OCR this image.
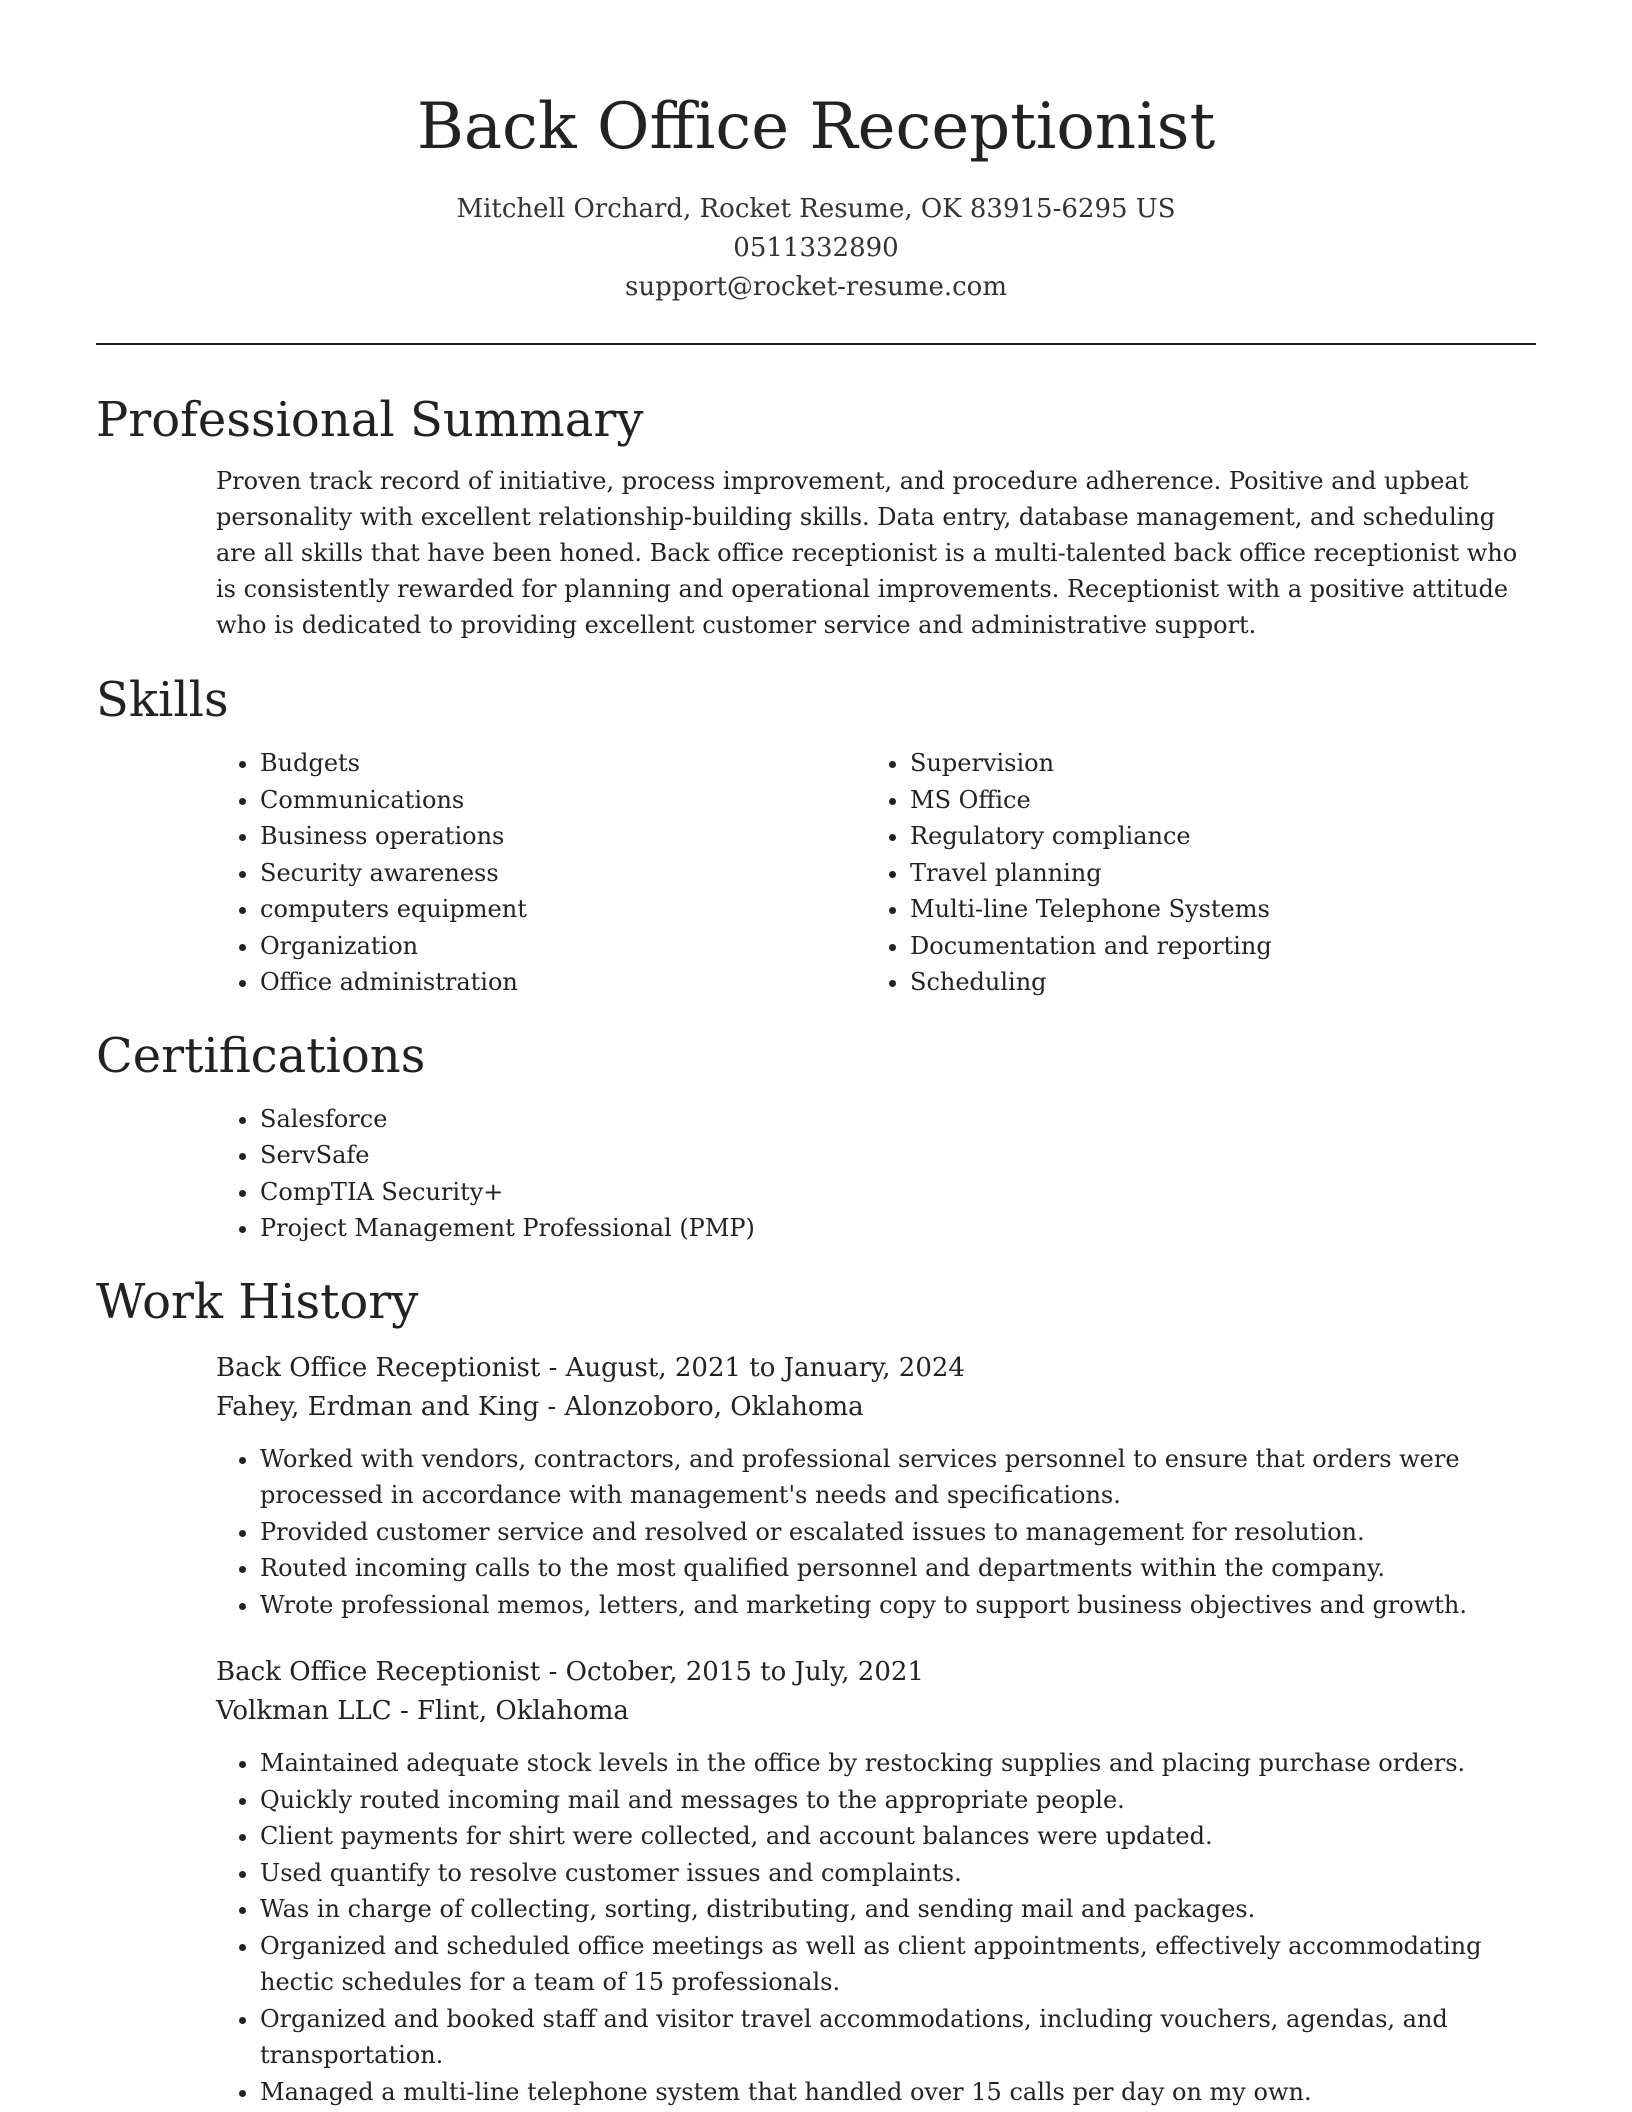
Back Office Receptionist
Mitchell Orchard, Rocket Resume, OK 83915-6295 US
0511332890
support@rocket-resume.com
Professional Summary

Proven track record of initiative, process improvement, and procedure adherence. Positive and upbeat personality with excellent relationship-building skills. Data entry, database management, and scheduling are all skills that have been honed. Back office receptionist is a multi-talented back office receptionist who is consistently rewarded for planning and operational improvements. Receptionist with a positive attitude who is dedicated to providing excellent customer service and administrative support.

Skills
• Budgets
• Communications
• Business operations
• Security awareness
• computers equipment
• Organization
• Office administration
• Supervision
• MS Office
• Regulatory compliance
• Travel planning
• Multi-line Telephone Systems
• Documentation and reporting
• Scheduling
Certifications
• Salesforce
• ServSafe
• CompTIA Security+
• Project Management Professional (PMP)
Work History
Back Office Receptionist - August, 2021 to January, 2024
Fahey, Erdman and King - Alonzoboro, Oklahoma
• Worked with vendors, contractors, and professional services personnel to ensure that orders were processed in accordance with management's needs and specifications.
• Provided customer service and resolved or escalated issues to management for resolution.
• Routed incoming calls to the most qualified personnel and departments within the company.
• Wrote professional memos, letters, and marketing copy to support business objectives and growth.
Back Office Receptionist - October, 2015 to July, 2021
Volkman LLC - Flint, Oklahoma
• Maintained adequate stock levels in the office by restocking supplies and placing purchase orders.
• Quickly routed incoming mail and messages to the appropriate people.
• Client payments for shirt were collected, and account balances were updated.
• Used quantify to resolve customer issues and complaints.
• Was in charge of collecting, sorting, distributing, and sending mail and packages.
• Organized and scheduled office meetings as well as client appointments, effectively accommodating hectic schedules for a team of 15 professionals.
• Organized and booked staff and visitor travel accommodations, including vouchers, agendas, and transportation.
• Managed a multi-line telephone system that handled over 15 calls per day on my own.
